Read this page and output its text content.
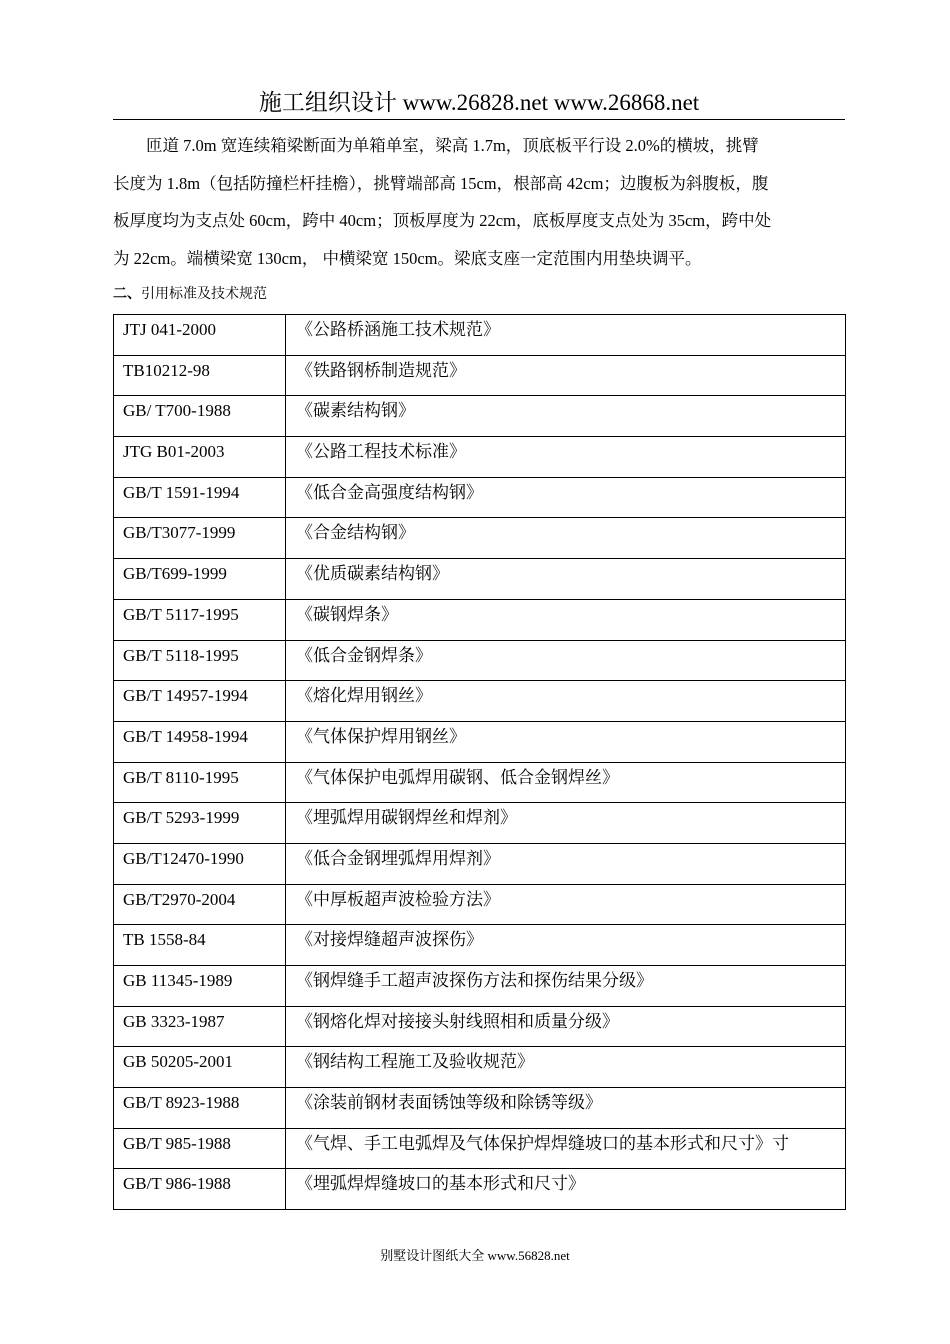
施工组织设计 www.26828.net www.26868.net
匝道 7.0m 宽连续箱梁断面为单箱单室，梁高 1.7m，顶底板平行设 2.0%的横坡，挑臂
长度为 1.8m（包括防撞栏杆挂檐），挑臂端部高 15cm，根部高 42cm；边腹板为斜腹板，腹
板厚度均为支点处 60cm，跨中 40cm；顶板厚度为 22cm，底板厚度支点处为 35cm，跨中处
为 22cm。端横梁宽 130cm， 中横梁宽 150cm。梁底支座一定范围内用垫块调平。
二、引用标准及技术规范
JTJ 041-2000	《公路桥涵施工技术规范》
TB10212-98	《铁路钢桥制造规范》
GB/ T700-1988	《碳素结构钢》
JTG B01-2003	《公路工程技术标准》
GB/T 1591-1994	《低合金高强度结构钢》
GB/T3077-1999	《合金结构钢》
GB/T699-1999	《优质碳素结构钢》
GB/T 5117-1995	《碳钢焊条》
GB/T 5118-1995	《低合金钢焊条》
GB/T 14957-1994	《熔化焊用钢丝》
GB/T 14958-1994	《气体保护焊用钢丝》
GB/T 8110-1995	《气体保护电弧焊用碳钢、低合金钢焊丝》
GB/T 5293-1999	《埋弧焊用碳钢焊丝和焊剂》
GB/T12470-1990	《低合金钢埋弧焊用焊剂》
GB/T2970-2004	《中厚板超声波检验方法》
TB 1558-84	《对接焊缝超声波探伤》
GB 11345-1989	《钢焊缝手工超声波探伤方法和探伤结果分级》
GB 3323-1987	《钢熔化焊对接接头射线照相和质量分级》
GB 50205-2001	《钢结构工程施工及验收规范》
GB/T 8923-1988	《涂装前钢材表面锈蚀等级和除锈等级》
GB/T 985-1988	《气焊、手工电弧焊及气体保护焊焊缝坡口的基本形式和尺寸》寸
GB/T 986-1988	《埋弧焊焊缝坡口的基本形式和尺寸》
别墅设计图纸大全 www.56828.net
